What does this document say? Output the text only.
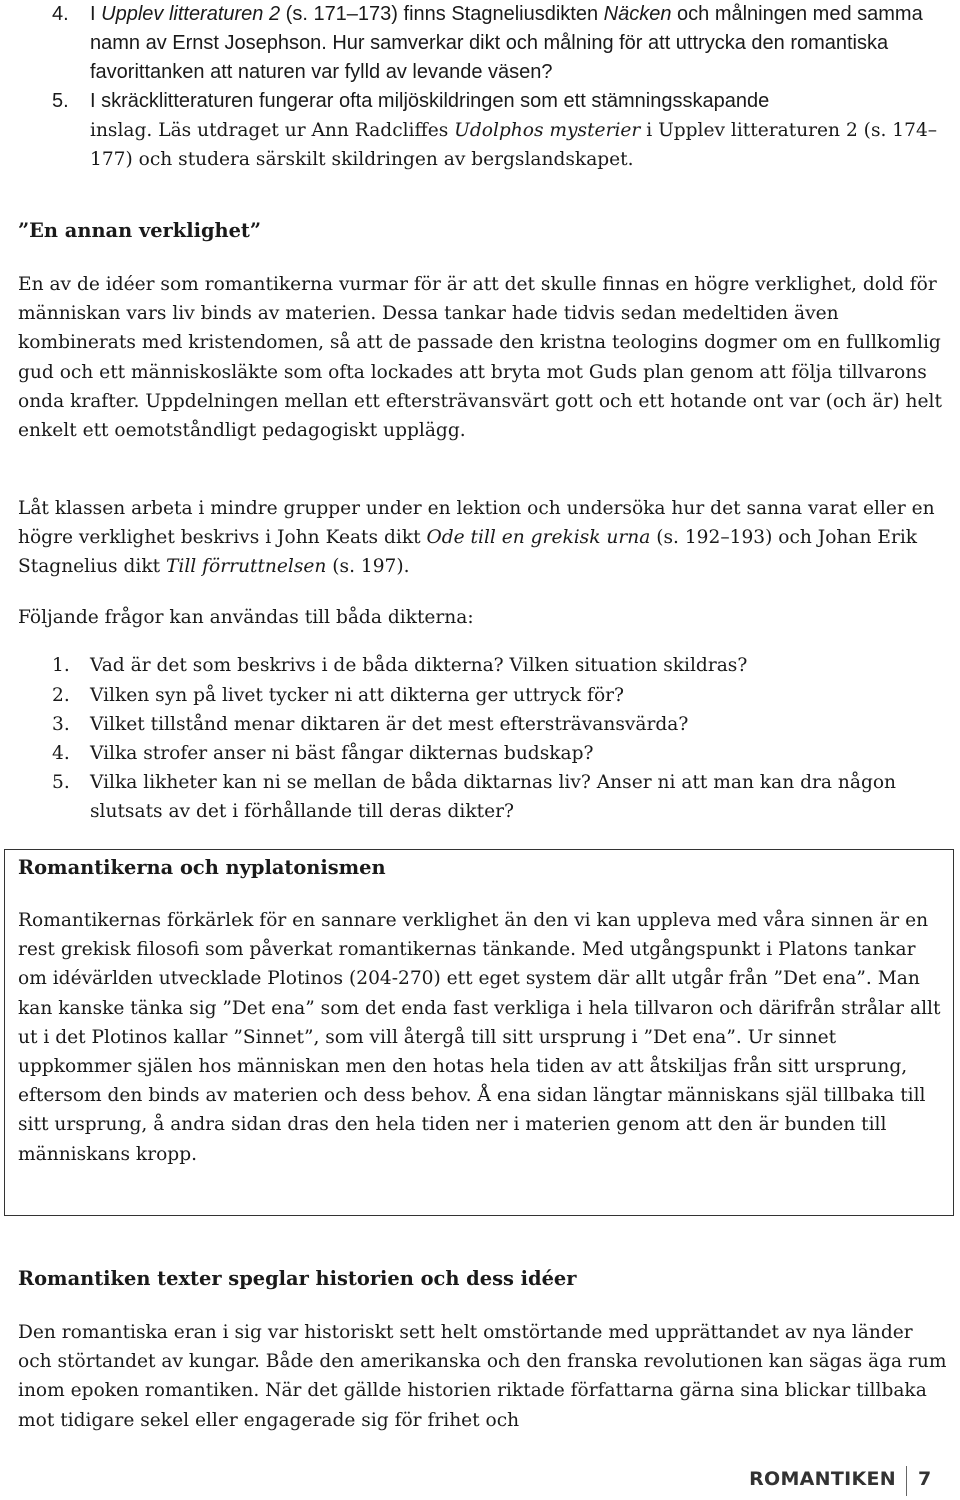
4.	I Upplev litteraturen 2 (s. 171–173) finns Stagneliusdikten Näcken och målningen med samma namn av Ernst Josephson. Hur samverkar dikt och målning för att uttrycka den romantiska favorittanken att naturen var fylld av levande väsen?
5.	I skräcklitteraturen fungerar ofta miljöskildringen som ett stämningsskapande
inslag. Läs utdraget ur Ann Radcliffes Udolphos mysterier i Upplev litteraturen 2 (s. 174–177) och studera särskilt skildringen av bergslandskapet.
”En annan verklighet”
En av de idéer som romantikerna vurmar för är att det skulle finnas en högre verklighet, dold för människan vars liv binds av materien. Dessa tankar hade tidvis sedan medeltiden även kombinerats med kristendomen, så att de passade den kristna teologins dogmer om en fullkomlig gud och ett människosläkte som ofta lockades att bryta mot Guds plan genom att följa tillvarons onda krafter. Uppdelningen mellan ett eftersträvansvärt gott och ett hotande ont var (och är) helt enkelt ett oemotståndligt pedagogiskt upplägg.
Låt klassen arbeta i mindre grupper under en lektion och undersöka hur det sanna varat eller en högre verklighet beskrivs i John Keats dikt Ode till en grekisk urna (s. 192–193) och Johan Erik Stagnelius dikt Till förruttnelsen (s. 197).
Följande frågor kan användas till båda dikterna:
1.	Vad är det som beskrivs i de båda dikterna? Vilken situation skildras?
2.	Vilken syn på livet tycker ni att dikterna ger uttryck för?
3.	Vilket tillstånd menar diktaren är det mest eftersträvansvärda?
4.	Vilka strofer anser ni bäst fångar dikternas budskap?
5.	Vilka likheter kan ni se mellan de båda diktarnas liv? Anser ni att man kan dra någon slutsats av det i förhållande till deras dikter?
Romantikerna och nyplatonismen
Romantikernas förkärlek för en sannare verklighet än den vi kan uppleva med våra sinnen är en rest grekisk filosofi som påverkat romantikernas tänkande. Med utgångspunkt i Platons tankar om idévärlden utvecklade Plotinos (204-270) ett eget system där allt utgår från ”Det ena”. Man kan kanske tänka sig ”Det ena” som det enda fast verkliga i hela tillvaron och därifrån strålar allt ut i det Plotinos kallar ”Sinnet”, som vill återgå till sitt ursprung i ”Det ena”. Ur sinnet uppkommer själen hos människan men den hotas hela tiden av att åtskiljas från sitt ursprung, eftersom den binds av materien och dess behov. Å ena sidan längtar människans själ tillbaka till sitt ursprung, å andra sidan dras den hela tiden ner i materien genom att den är bunden till människans kropp.
Romantiken texter speglar historien och dess idéer
Den romantiska eran i sig var historiskt sett helt omstörtande med upprättandet av nya länder och störtandet av kungar. Både den amerikanska och den franska revolutionen kan sägas äga rum inom epoken romantiken. När det gällde historien riktade författarna gärna sina blickar tillbaka mot tidigare sekel eller engagerade sig för frihet och
ROMANTIKEN 7
